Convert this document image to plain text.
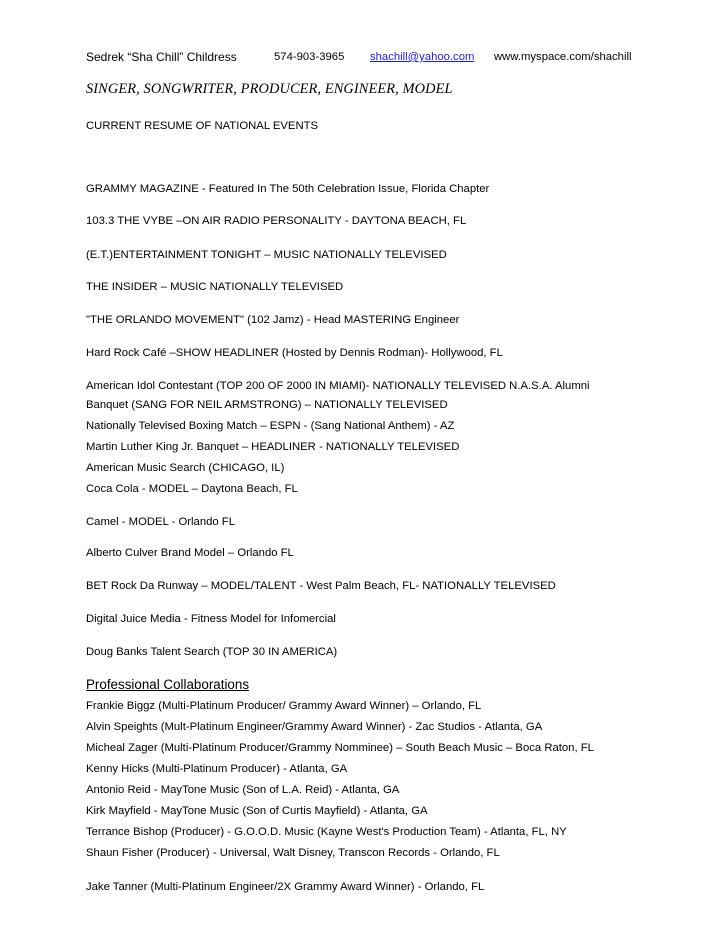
Sedrek “Sha Chill” Childress	574-903-3965 shachill@yahoo.com www.myspace.com/shachill
SINGER, SONGWRITER, PRODUCER, ENGINEER, MODEL
CURRENT RESUME OF NATIONAL EVENTS
GRAMMY MAGAZINE - Featured In The 50th Celebration Issue, Florida Chapter
103.3 THE VYBE –ON AIR RADIO PERSONALITY - DAYTONA BEACH, FL
(E.T.)ENTERTAINMENT TONIGHT – MUSIC NATIONALLY TELEVISED
THE INSIDER – MUSIC NATIONALLY TELEVISED
"THE ORLANDO MOVEMENT" (102 Jamz) - Head MASTERING Engineer
Hard Rock Café –SHOW HEADLINER (Hosted by Dennis Rodman)- Hollywood, FL
American Idol Contestant (TOP 200 OF 2000 IN MIAMI)- NATIONALLY TELEVISED N.A.S.A. Alumni
Banquet (SANG FOR NEIL ARMSTRONG) – NATIONALLY TELEVISED
Nationally Televised Boxing Match – ESPN - (Sang National Anthem) - AZ
Martin Luther King Jr. Banquet – HEADLINER - NATIONALLY TELEVISED
American Music Search (CHICAGO, IL)
Coca Cola - MODEL – Daytona Beach, FL
Camel - MODEL - Orlando FL
Alberto Culver Brand Model – Orlando FL
BET Rock Da Runway – MODEL/TALENT - West Palm Beach, FL- NATIONALLY TELEVISED
Digital Juice Media - Fitness Model for Infomercial
Doug Banks Talent Search (TOP 30 IN AMERICA)
Professional Collaborations
Frankie Biggz (Multi-Platinum Producer/ Grammy Award Winner) – Orlando, FL
Alvin Speights (Mult-Platinum Engineer/Grammy Award Winner) - Zac Studios - Atlanta, GA
Micheal Zager (Multi-Platinum Producer/Grammy Nomminee) – South Beach Music – Boca Raton, FL
Kenny Hicks (Multi-Platinum Producer) - Atlanta, GA
Antonio Reid - MayTone Music (Son of L.A. Reid) - Atlanta, GA
Kirk Mayfield - MayTone Music (Son of Curtis Mayfield) - Atlanta, GA
Terrance Bishop (Producer) - G.O.O.D. Music (Kayne West's Production Team) - Atlanta, FL, NY
Shaun Fisher (Producer) - Universal, Walt Disney, Transcon Records - Orlando, FL
Jake Tanner (Multi-Platinum Engineer/2X Grammy Award Winner) - Orlando, FL
